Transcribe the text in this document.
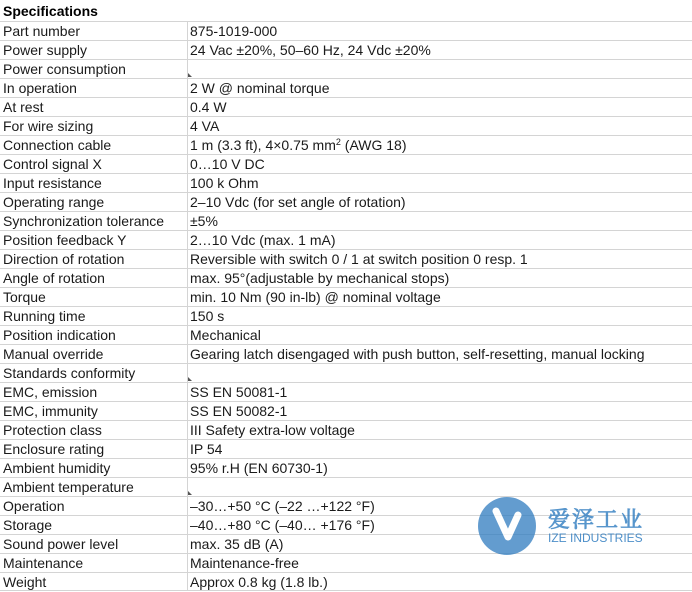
Specifications
Part number	875-1019-000
Power supply	24 Vac ±20%, 50–60 Hz, 24 Vdc ±20%
Power consumption
In operation	2 W @ nominal torque
At rest	0.4 W
For wire sizing	4 VA
Connection cable	1 m (3.3 ft), 4×0.75 $mm^2$ (AWG 18)
Control signal X	0…10 V DC
Input resistance	100 k Ohm
Operating range	2–10 Vdc (for set angle of rotation)
Synchronization tolerance ±5%
Position feedback Y	2…10 Vdc (max. 1 mA)
Direction of rotation	Reversible with switch 0 / 1 at switch position 0 resp. 1
Angle of rotation	max. 95°(adjustable by mechanical stops)
Torque	min. 10 Nm (90 in-lb) @ nominal voltage
Running time	150 s
Position indication	Mechanical
Manual override	Gearing latch disengaged with push button, self-resetting, manual locking
Standards conformity
EMC, emission	SS EN 50081-1
EMC, immunity	SS EN 50082-1
Protection class	III Safety extra-low voltage
Enclosure rating	IP 54
Ambient humidity	95% r.H (EN 60730-1)
Ambient temperature
Operation	–30…+50 °C (–22 …+122 °F)
Storage	–40…+80 °C (–40… +176 °F)
Sound power level	max. 35 dB (A)
Maintenance	Maintenance-free
Weight	Approx 0.8 kg (1.8 lb.)
爱泽工业
IZE INDUSTRIES
